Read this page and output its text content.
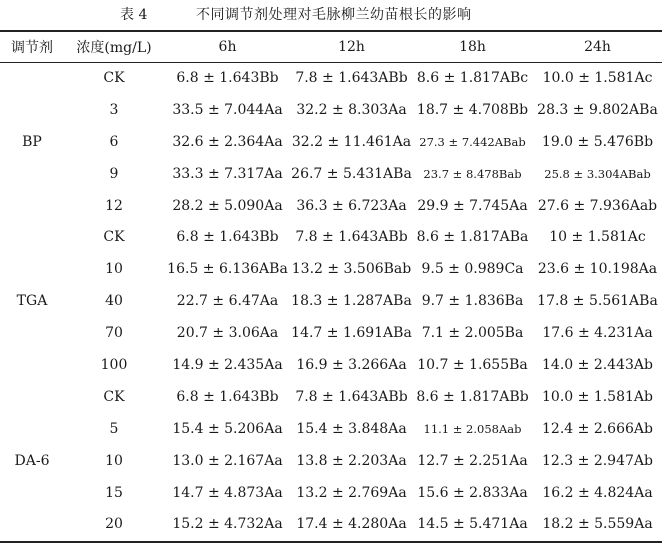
表 4	不同调节剂处理对毛脉柳兰幼苗根长的影响
调节剂	浓度(mg/L)	6h	12h	18h	24h
BP	CK	6.8 ± 1.643Bb	7.8 ± 1.643ABb	8.6 ± 1.817ABc	10.0 ± 1.581Ac
	3	33.5 ± 7.044Aa	32.2 ± 8.303Aa	18.7 ± 4.708Bb	28.3 ± 9.802ABa
	6	32.6 ± 2.364Aa	32.2 ± 11.461Aa	27.3 ± 7.442ABab	19.0 ± 5.476Bb
	9	33.3 ± 7.317Aa	26.7 ± 5.431ABa	23.7 ± 8.478Bab	25.8 ± 3.304ABab
	12	28.2 ± 5.090Aa	36.3 ± 6.723Aa	29.9 ± 7.745Aa	27.6 ± 7.936Aab
TGA	CK	6.8 ± 1.643Bb	7.8 ± 1.643ABb	8.6 ± 1.817ABa	10 ± 1.581Ac
	10	16.5 ± 6.136ABa	13.2 ± 3.506Bab	9.5 ± 0.989Ca	23.6 ± 10.198Aa
	40	22.7 ± 6.47Aa	18.3 ± 1.287ABa	9.7 ± 1.836Ba	17.8 ± 5.561ABa
	70	20.7 ± 3.06Aa	14.7 ± 1.691ABa	7.1 ± 2.005Ba	17.6 ± 4.231Aa
	100	14.9 ± 2.435Aa	16.9 ± 3.266Aa	10.7 ± 1.655Ba	14.0 ± 2.443Ab
DA-6	CK	6.8 ± 1.643Bb	7.8 ± 1.643ABb	8.6 ± 1.817ABb	10.0 ± 1.581Ab
	5	15.4 ± 5.206Aa	15.4 ± 3.848Aa	11.1 ± 2.058Aab	12.4 ± 2.666Ab
	10	13.0 ± 2.167Aa	13.8 ± 2.203Aa	12.7 ± 2.251Aa	12.3 ± 2.947Ab
	15	14.7 ± 4.873Aa	13.2 ± 2.769Aa	15.6 ± 2.833Aa	16.2 ± 4.824Aa
	20	15.2 ± 4.732Aa	17.4 ± 4.280Aa	14.5 ± 5.471Aa	18.2 ± 5.559Aa
